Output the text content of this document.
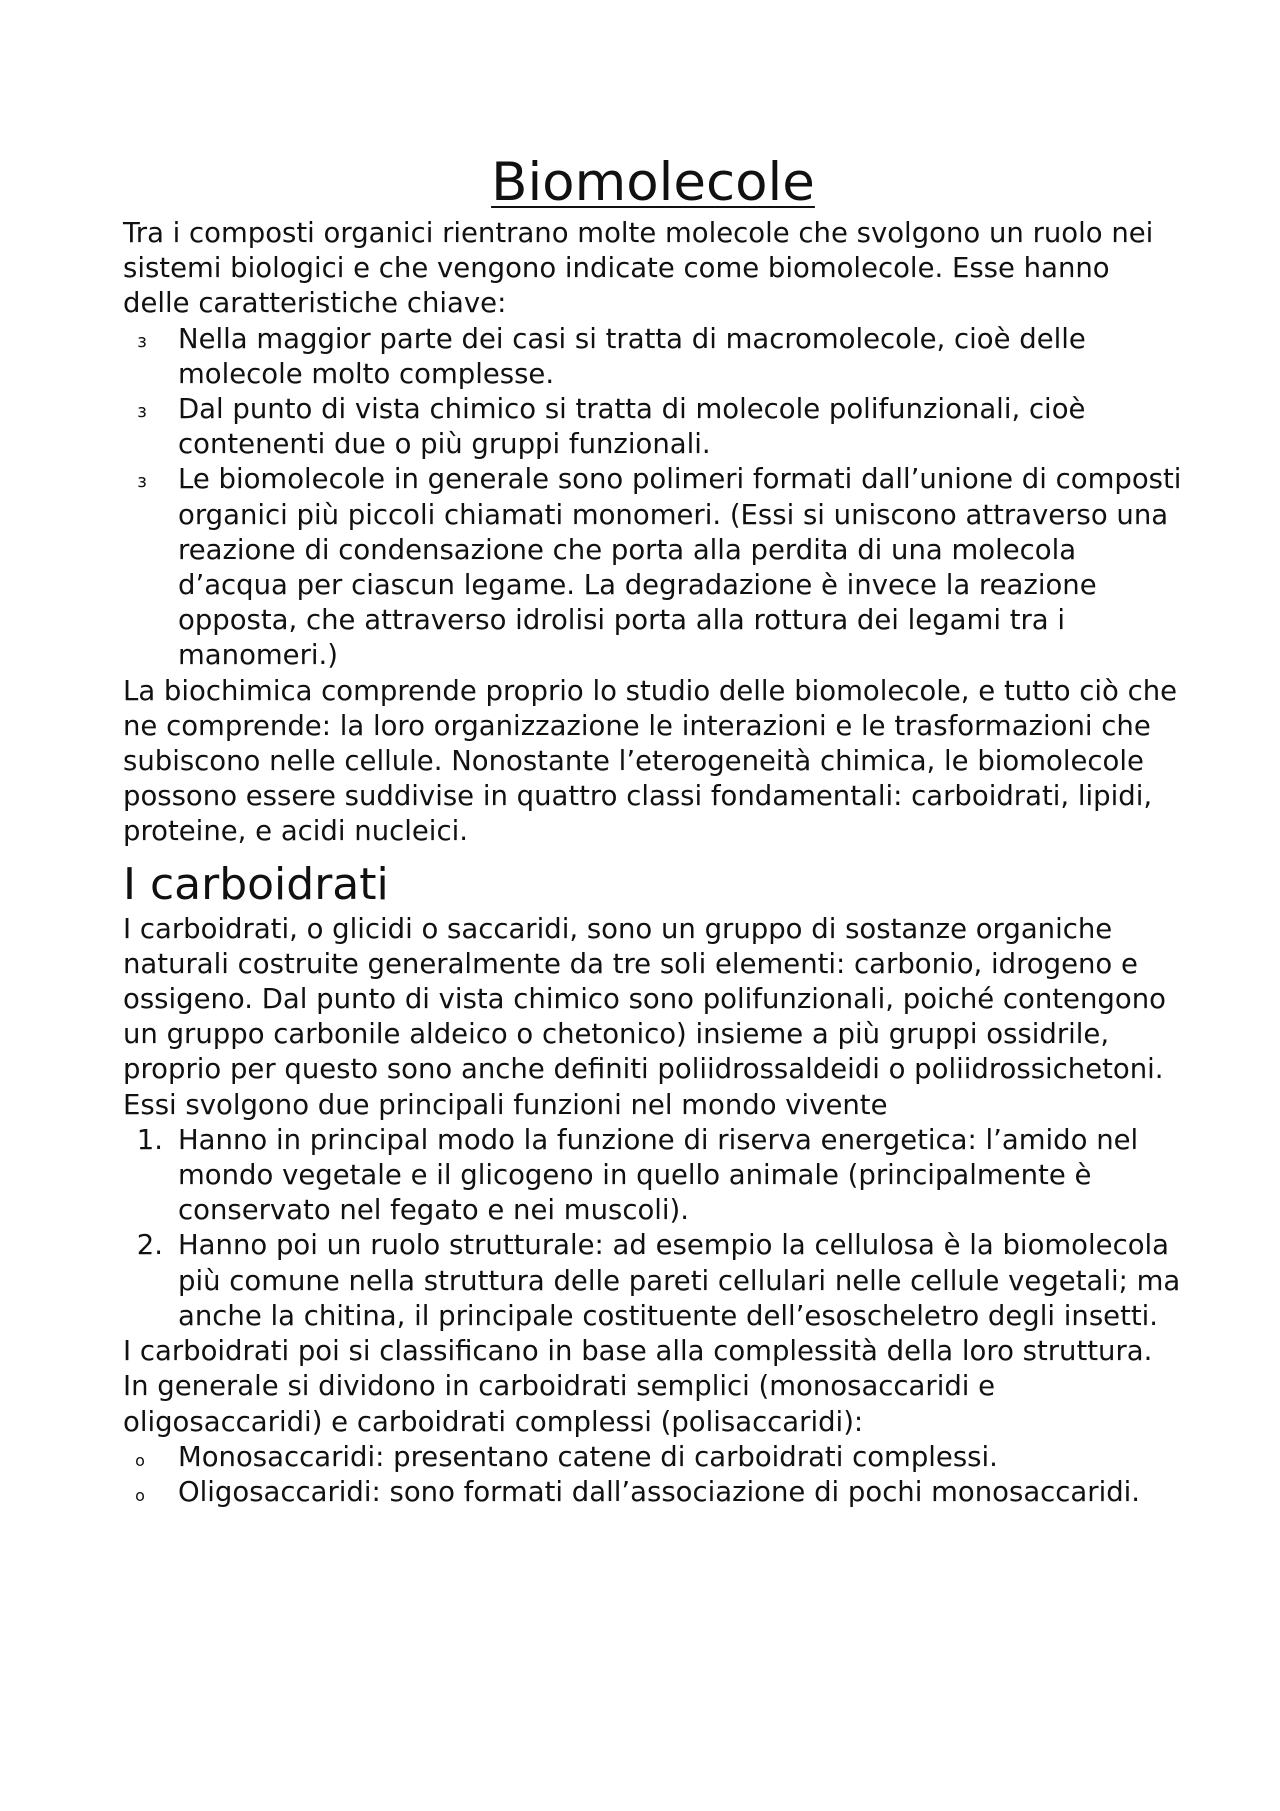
Biomolecole

Tra i composti organici rientrano molte molecole che svolgono un ruolo nei sistemi biologici e che vengono indicate come biomolecole. Esse hanno delle caratteristiche chiave:

з	Nella maggior parte dei casi si tratta di macromolecole, cioè delle molecole molto complesse.
з	Dal punto di vista chimico si tratta di molecole polifunzionali, cioè contenenti due o più gruppi funzionali.
з	Le biomolecole in generale sono polimeri formati dall’unione di composti organici più piccoli chiamati monomeri. (Essi si uniscono attraverso una reazione di condensazione che porta alla perdita di una molecola d’acqua per ciascun legame. La degradazione è invece la reazione opposta, che attraverso idrolisi porta alla rottura dei legami tra i manomeri.)

La biochimica comprende proprio lo studio delle biomolecole, e tutto ciò che ne comprende: la loro organizzazione le interazioni e le trasformazioni che subiscono nelle cellule. Nonostante l’eterogeneità chimica, le biomolecole possono essere suddivise in quattro classi fondamentali: carboidrati, lipidi, proteine, e acidi nucleici.

I carboidrati

I carboidrati, o glicidi o saccaridi, sono un gruppo di sostanze organiche naturali costruite generalmente da tre soli elementi: carbonio, idrogeno e ossigeno. Dal punto di vista chimico sono polifunzionali, poiché contengono un gruppo carbonile aldeico o chetonico) insieme a più gruppi ossidrile, proprio per questo sono anche definiti poliidrossaldeidi o poliidrossichetoni. Essi svolgono due principali funzioni nel mondo vivente

1. Hanno in principal modo la funzione di riserva energetica: l’amido nel mondo vegetale e il glicogeno in quello animale (principalmente è conservato nel fegato e nei muscoli).
2. Hanno poi un ruolo strutturale: ad esempio la cellulosa è la biomolecola più comune nella struttura delle pareti cellulari nelle cellule vegetali; ma anche la chitina, il principale costituente dell’esoscheletro degli insetti.

I carboidrati poi si classificano in base alla complessità della loro struttura. In generale si dividono in carboidrati semplici (monosaccaridi e oligosaccaridi) e carboidrati complessi (polisaccaridi):

o	Monosaccaridi: presentano catene di carboidrati complessi.
o	Oligosaccaridi: sono formati dall’associazione di pochi monosaccaridi.
